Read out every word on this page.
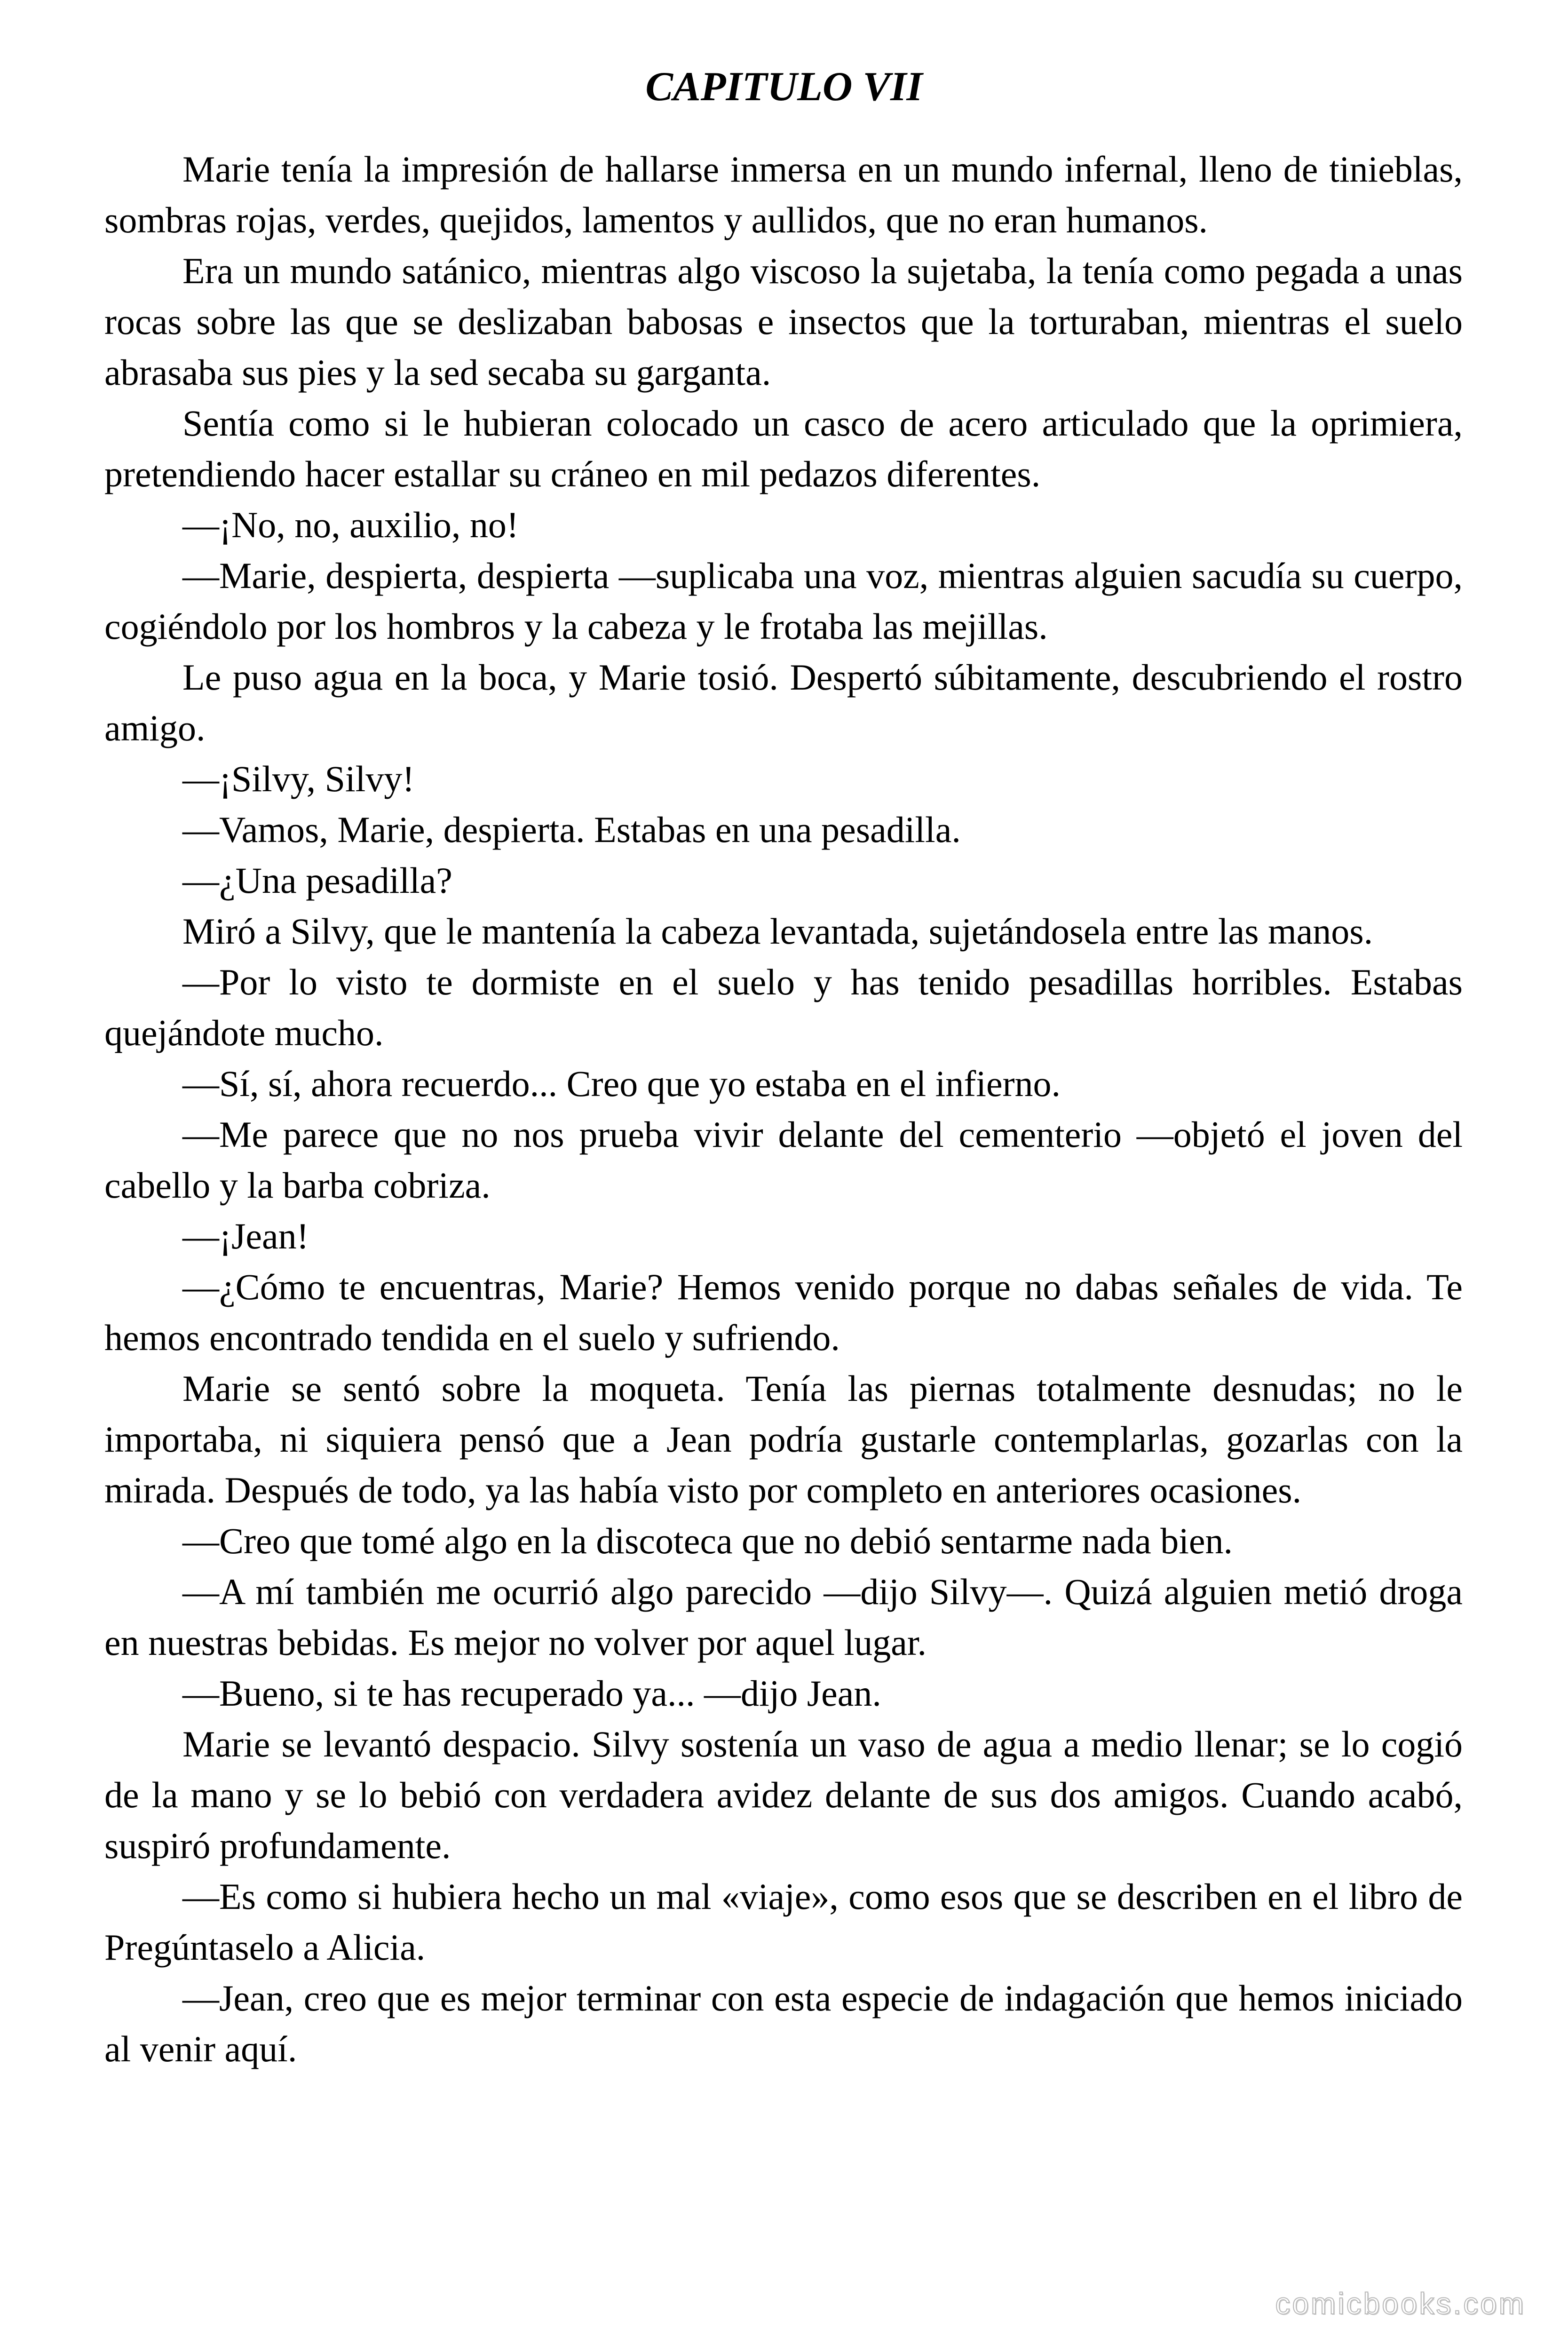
CAPITULO VII

Marie tenía la impresión de hallarse inmersa en un mundo infernal, lleno de tinieblas, sombras rojas, verdes, quejidos, lamentos y aullidos, que no eran humanos.

Era un mundo satánico, mientras algo viscoso la sujetaba, la tenía como pegada a unas rocas sobre las que se deslizaban babosas e insectos que la torturaban, mientras el suelo abrasaba sus pies y la sed secaba su garganta.

Sentía como si le hubieran colocado un casco de acero articulado que la oprimiera, pretendiendo hacer estallar su cráneo en mil pedazos diferentes.

—¡No, no, auxilio, no!

—Marie, despierta, despierta —suplicaba una voz, mientras alguien sacudía su cuerpo, cogiéndolo por los hombros y la cabeza y le frotaba las mejillas.

Le puso agua en la boca, y Marie tosió. Despertó súbitamente, descubriendo el rostro amigo.

—¡Silvy, Silvy!

—Vamos, Marie, despierta. Estabas en una pesadilla.

—¿Una pesadilla?

Miró a Silvy, que le mantenía la cabeza levantada, sujetándosela entre las manos.

—Por lo visto te dormiste en el suelo y has tenido pesadillas horribles. Estabas quejándote mucho.

—Sí, sí, ahora recuerdo... Creo que yo estaba en el infierno.

—Me parece que no nos prueba vivir delante del cementerio —objetó el joven del cabello y la barba cobriza.

—¡Jean!

—¿Cómo te encuentras, Marie? Hemos venido porque no dabas señales de vida. Te hemos encontrado tendida en el suelo y sufriendo.

Marie se sentó sobre la moqueta. Tenía las piernas totalmente desnudas; no le importaba, ni siquiera pensó que a Jean podría gustarle contemplarlas, gozarlas con la mirada. Después de todo, ya las había visto por completo en anteriores ocasiones.

—Creo que tomé algo en la discoteca que no debió sentarme nada bien.

—A mí también me ocurrió algo parecido —dijo Silvy—. Quizá alguien metió droga en nuestras bebidas. Es mejor no volver por aquel lugar.

—Bueno, si te has recuperado ya... —dijo Jean.

Marie se levantó despacio. Silvy sostenía un vaso de agua a medio llenar; se lo cogió de la mano y se lo bebió con verdadera avidez delante de sus dos amigos. Cuando acabó, suspiró profundamente.

—Es como si hubiera hecho un mal «viaje», como esos que se describen en el libro de Pregúntaselo a Alicia.

—Jean, creo que es mejor terminar con esta especie de indagación que hemos iniciado al venir aquí.

comicbooks.com
